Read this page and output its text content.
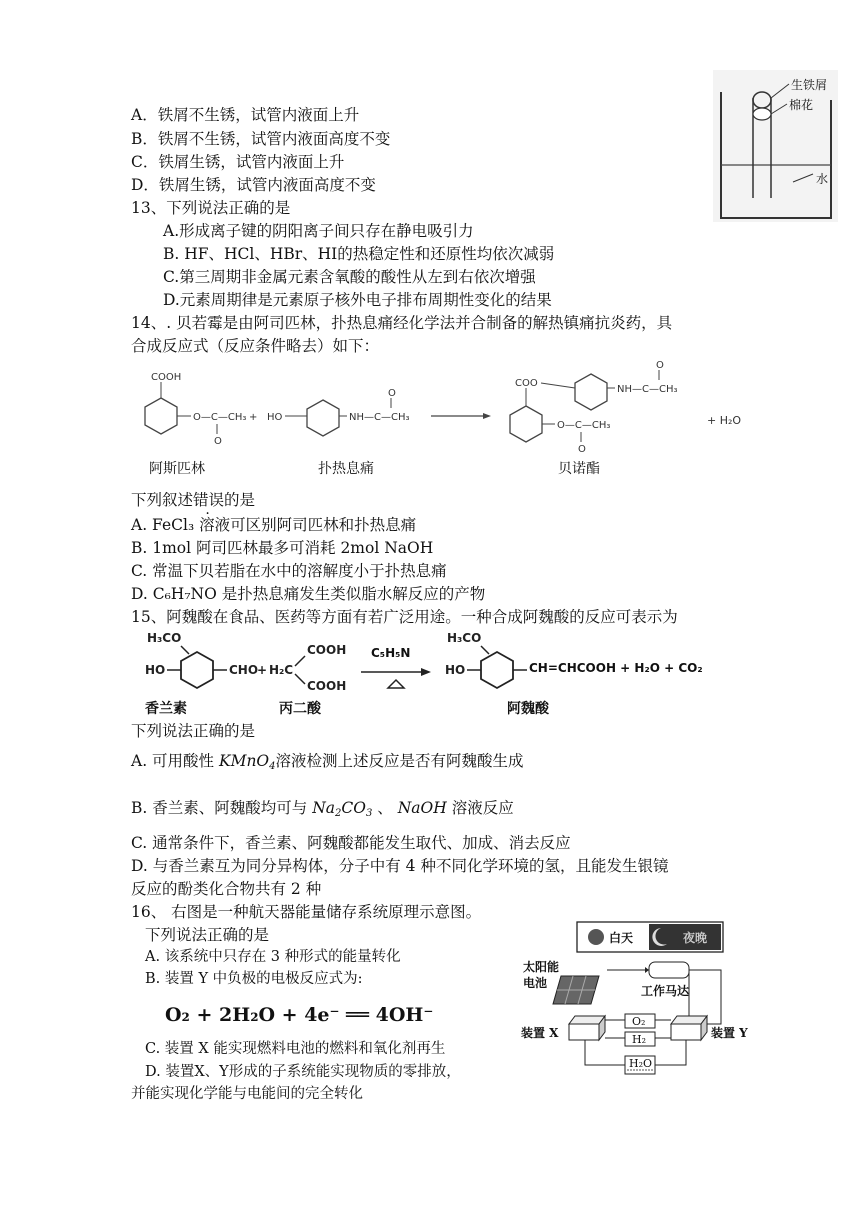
A．铁屑不生锈，试管内液面上升
B．铁屑不生锈，试管内液面高度不变
C．铁屑生锈，试管内液面上升
D．铁屑生锈，试管内液面高度不变
生铁屑
棉花
水
13、下列说法正确的是
A.形成离子键的阴阳离子间只存在静电吸引力
B. HF、HCl、HBr、HI的热稳定性和还原性均依次减弱
C.第三周期非金属元素含氧酸的酸性从左到右依次增强
D.元素周期律是元素原子核外电子排布周期性变化的结果
14、. 贝若霉是由阿司匹林，扑热息痛经化学法并合制备的解热镇痛抗炎药，具
合成反应式（反应条件略去）如下：
COOH
O—C—CH₃
O
+ HO	NH—C—CH₃
O
COO
NH—C—CH₃
O
O—C—CH₃
O
+ H₂O
阿斯匹林	扑热息痛	贝诺酯
下列叙述错误的是
A. FeCl₃ 溶液可区别阿司匹林和扑热息痛
B. 1mol 阿司匹林最多可消耗 2mol NaOH
C. 常温下贝若脂在水中的溶解度小于扑热息痛
D. C₆H₇NO 是扑热息痛发生类似脂水解反应的产物
15、阿魏酸在食品、医药等方面有若广泛用途。一种合成阿魏酸的反应可表示为
H₃CO
HO	CHO
+ H₂C
COOH
COOH
H₃CO
HO
C₅H₅N
CH=CHCOOH + H₂O + CO₂
香兰素	丙二酸	阿魏酸
下列说法正确的是
A. 可用酸性 KMnO$_4$溶液检测上述反应是否有阿魏酸生成
B. 香兰素、阿魏酸均可与 $Na_2CO_3$ 、 NaOH 溶液反应
C. 通常条件下，香兰素、阿魏酸都能发生取代、加成、消去反应
D. 与香兰素互为同分异构体，分子中有 4 种不同化学环境的氢，且能发生银镜
反应的酚类化合物共有 2 种
16、 右图是一种航天器能量储存系统原理示意图。
下列说法正确的是
A. 该系统中只存在 3 种形式的能量转化
B. 装置 Y 中负极的电极反应式为:
O₂ + 2H₂O + 4e⁻ ══ 4OH⁻
C. 装置 X 能实现燃料电池的燃料和氧化剂再生
D. 装置X、Y形成的子系统能实现物质的零排放，
并能实现化学能与电能间的完全转化
白天	夜晚
太阳能
电池
工作马达
装置 X	装置 Y
O₂
H₂
H₂O
